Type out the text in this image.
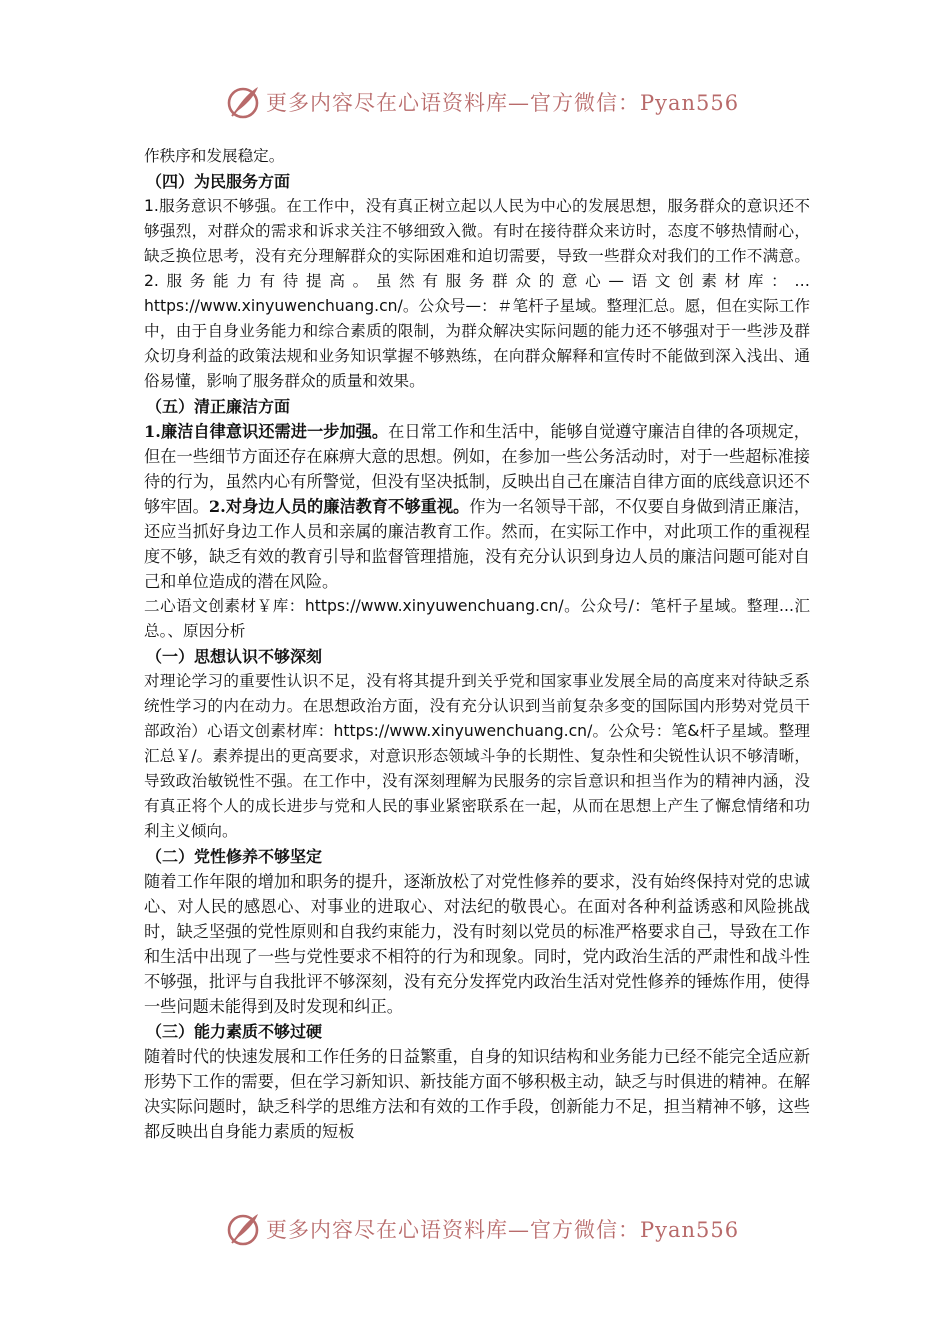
更多内容尽在心语资料库—官方微信：Pyan556

作秩序和发展稳定。

（四）为民服务方面

1.服务意识不够强。在工作中，没有真正树立起以人民为中心的发展思想，服务群众的意识还不够强烈，对群众的需求和诉求关注不够细致入微。有时在接待群众来访时，态度不够热情耐心，缺乏换位思考，没有充分理解群众的实际困难和迫切需要，导致一些群众对我们的工作不满意。2.服务能力有待提高。虽然有服务群众的意心—语文创素材库：…https://www.xinyuwenchuang.cn/。公众号—：＃笔杆子星域。整理汇总。愿，但在实际工作中，由于自身业务能力和综合素质的限制，为群众解决实际问题的能力还不够强对于一些涉及群众切身利益的政策法规和业务知识掌握不够熟练，在向群众解释和宣传时不能做到深入浅出、通俗易懂，影响了服务群众的质量和效果。

（五）清正廉洁方面

1.廉洁自律意识还需进一步加强。在日常工作和生活中，能够自觉遵守廉洁自律的各项规定，但在一些细节方面还存在麻痹大意的思想。例如，在参加一些公务活动时，对于一些超标准接待的行为，虽然内心有所警觉，但没有坚决抵制，反映出自己在廉洁自律方面的底线意识还不够牢固。2.对身边人员的廉洁教育不够重视。作为一名领导干部，不仅要自身做到清正廉洁，还应当抓好身边工作人员和亲属的廉洁教育工作。然而，在实际工作中，对此项工作的重视程度不够，缺乏有效的教育引导和监督管理措施，没有充分认识到身边人员的廉洁问题可能对自己和单位造成的潜在风险。

二心语文创素材￥库：https://www.xinyuwenchuang.cn/。公众号/：笔杆子星域。整理...汇总。、原因分析

（一）思想认识不够深刻

对理论学习的重要性认识不足，没有将其提升到关乎党和国家事业发展全局的高度来对待缺乏系统性学习的内在动力。在思想政治方面，没有充分认识到当前复杂多变的国际国内形势对党员干部政治）心语文创素材库：https://www.xinyuwenchuang.cn/。公众号：笔&杆子星域。整理汇总￥/。素养提出的更高要求，对意识形态领域斗争的长期性、复杂性和尖锐性认识不够清晰，导致政治敏锐性不强。在工作中，没有深刻理解为民服务的宗旨意识和担当作为的精神内涵，没有真正将个人的成长进步与党和人民的事业紧密联系在一起，从而在思想上产生了懈怠情绪和功利主义倾向。

（二）党性修养不够坚定

随着工作年限的增加和职务的提升，逐渐放松了对党性修养的要求，没有始终保持对党的忠诚心、对人民的感恩心、对事业的进取心、对法纪的敬畏心。在面对各种利益诱惑和风险挑战时，缺乏坚强的党性原则和自我约束能力，没有时刻以党员的标准严格要求自己，导致在工作和生活中出现了一些与党性要求不相符的行为和现象。同时，党内政治生活的严肃性和战斗性不够强，批评与自我批评不够深刻，没有充分发挥党内政治生活对党性修养的锤炼作用，使得一些问题未能得到及时发现和纠正。

（三）能力素质不够过硬

随着时代的快速发展和工作任务的日益繁重，自身的知识结构和业务能力已经不能完全适应新形势下工作的需要，但在学习新知识、新技能方面不够积极主动，缺乏与时俱进的精神。在解决实际问题时，缺乏科学的思维方法和有效的工作手段，创新能力不足，担当精神不够，这些都反映出自身能力素质的短板

更多内容尽在心语资料库—官方微信：Pyan556
